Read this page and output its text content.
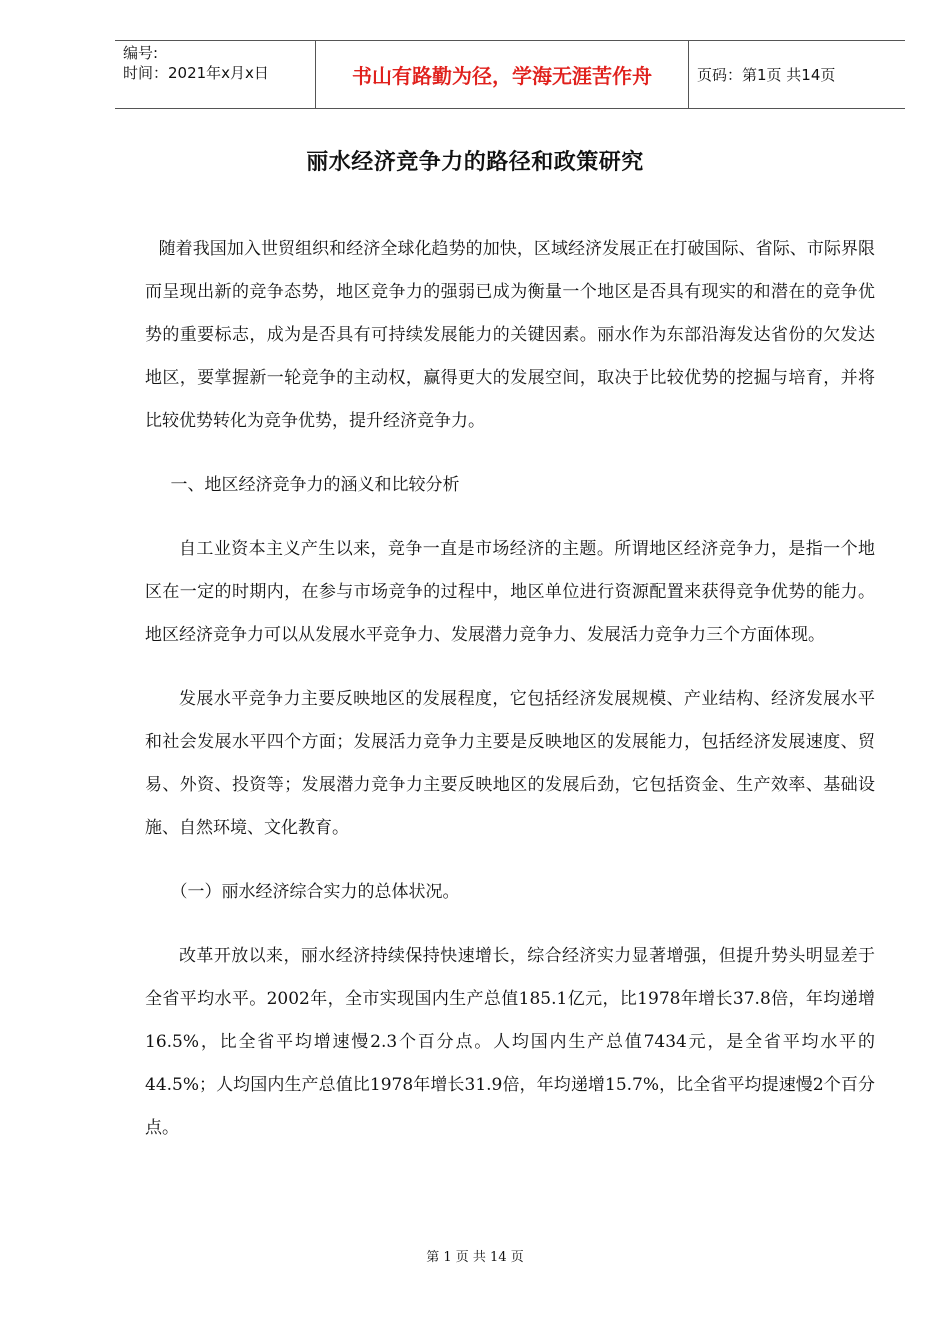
编号:
时间：2021年x月x日	书山有路勤为径，学海无涯苦作舟	页码：第1页 共14页
丽水经济竞争力的路径和政策研究

随着我国加入世贸组织和经济全球化趋势的加快，区域经济发展正在打破国际、省际、市际界限而呈现出新的竞争态势，地区竞争力的强弱已成为衡量一个地区是否具有现实的和潜在的竞争优势的重要标志，成为是否具有可持续发展能力的关键因素。丽水作为东部沿海发达省份的欠发达地区，要掌握新一轮竞争的主动权，赢得更大的发展空间，取决于比较优势的挖掘与培育，并将比较优势转化为竞争优势，提升经济竞争力。

一、地区经济竞争力的涵义和比较分析

自工业资本主义产生以来，竞争一直是市场经济的主题。所谓地区经济竞争力，是指一个地区在一定的时期内，在参与市场竞争的过程中，地区单位进行资源配置来获得竞争优势的能力。地区经济竞争力可以从发展水平竞争力、发展潜力竞争力、发展活力竞争力三个方面体现。

发展水平竞争力主要反映地区的发展程度，它包括经济发展规模、产业结构、经济发展水平和社会发展水平四个方面；发展活力竞争力主要是反映地区的发展能力，包括经济发展速度、贸易、外资、投资等；发展潜力竞争力主要反映地区的发展后劲，它包括资金、生产效率、基础设施、自然环境、文化教育。

（一）丽水经济综合实力的总体状况。

改革开放以来，丽水经济持续保持快速增长，综合经济实力显著增强，但提升势头明显差于全省平均水平。2002年，全市实现国内生产总值185.1亿元，比1978年增长37.8倍，年均递增16.5%，比全省平均增速慢2.3个百分点。人均国内生产总值7434元，是全省平均水平的44.5%；人均国内生产总值比1978年增长31.9倍，年均递增15.7%，比全省平均提速慢2个百分点。

第 1 页 共 14 页
